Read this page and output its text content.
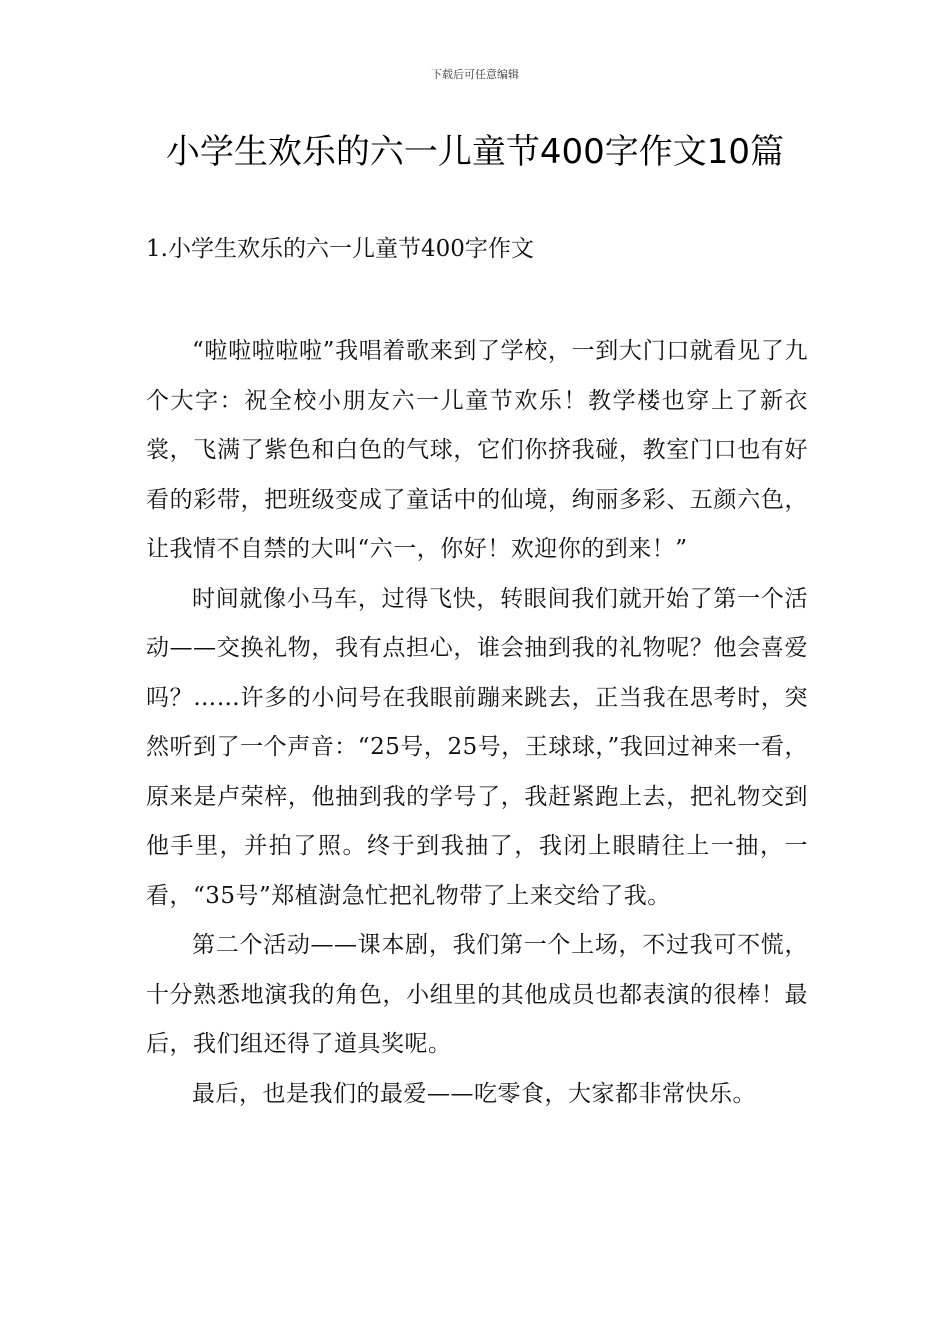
下载后可任意编辑
小学生欢乐的六一儿童节400字作文10篇
1.小学生欢乐的六一儿童节400字作文

“啦啦啦啦啦”我唱着歌来到了学校，一到大门口就看见了九个大字：祝全校小朋友六一儿童节欢乐！教学楼也穿上了新衣裳，飞满了紫色和白色的气球，它们你挤我碰，教室门口也有好看的彩带，把班级变成了童话中的仙境，绚丽多彩、五颜六色，让我情不自禁的大叫“六一，你好！欢迎你的到来！”

时间就像小马车，过得飞快，转眼间我们就开始了第一个活动——交换礼物，我有点担心，谁会抽到我的礼物呢？他会喜爱吗？……许多的小问号在我眼前蹦来跳去，正当我在思考时，突然听到了一个声音：“25号，25号，王球球，”我回过神来一看，原来是卢荣梓，他抽到我的学号了，我赶紧跑上去，把礼物交到他手里，并拍了照。终于到我抽了，我闭上眼睛往上一抽，一看，“35号”郑植澍急忙把礼物带了上来交给了我。

第二个活动——课本剧，我们第一个上场，不过我可不慌，十分熟悉地演我的角色，小组里的其他成员也都表演的很棒！最后，我们组还得了道具奖呢。

最后，也是我们的最爱——吃零食，大家都非常快乐。
